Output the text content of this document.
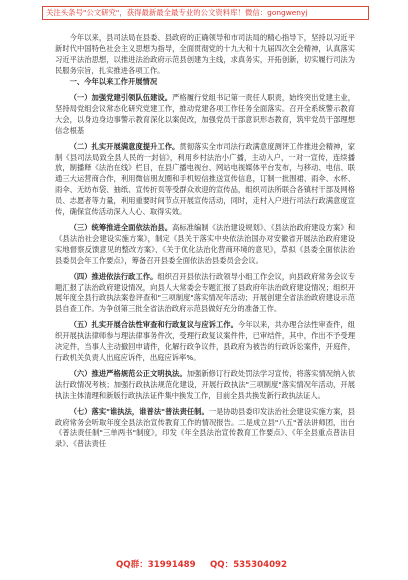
关注头条号"公文研究"，获得最新最全最专业的公文资料库！微信：gongwenyj

今年以来，县司法局在县委、县政府的正确领导和市司法局的精心指导下，坚持以习近平新时代中国特色社会主义思想为指导，全面贯彻党的十九大和十九届四次全会精神，认真落实习近平法治思想，以推进法治政府示范县创建为主线，求真务实，开拓创新，切实履行司法为民服务宗旨，扎实推进各项工作。

一、今年以来工作开展情况

（一）加强党建引领队伍建设。严格履行党组书记第一责任人职责，始终突出党建主业，坚持局党组会议常态化研究党建工作，推动党建各项工作任务全面落实。召开全系统警示教育大会，以身边身边事警示教育深化以案促改，加强党员干部意识形态教育，筑牢党员干部理想信念根基

（二）扎实开展满意度提升工作。贯彻落实全市司法行政满意度测评工作推进会精神，家制《县司法局致全县人民的一封信》，利用乡村法治小广播，主动入户，一对一宣传，连续播放，制播释《法治在线》栏目，在县广播电视台、网站电视媒体平台发布，与移动、电信、联通三大运营商合作，利用微信朋友圈和手机短信推送宣传信息，订制一批围裙、雨伞、水杯、雨伞、无纺布袋、抽纸、宣传折页等受群众欢迎的宣传品，组织司法所联合各镇村干部及网格员、志愿者等力量，利用重要时间节点开展宣传活动，同时，走村入户进行司法行政满意度宣传，确保宣传活动深入人心、取得实效。

（三）统筹推进全面依法治县。高标准编制《法治建设规划》、《县法治政府建设方案》和《县法治社会建设实施方案》，制定《县关于落实中央依法治国办对安徽省开展法治政府建设实地督察反馈意见的整改方案》、《关于优化法治化营商环境的意见》，草拟《县委全面依法治县委员会年工作要点》，筹备召开县委全面依法治县委员会会议。

（四）推进依法行政工作。组织召开县依法行政领导小组工作会议，向县政府常务会议专题汇报了法治政府建设情况，向县人大常委会专题汇报了县政府年法治政府建设情况；组织开展年度全县行政执法案卷评查和"三项制度"落实情况年活动；开展创建全省法治政府建设示范县自查工作。为争创第三批全省法治政府示范县做好充分的准备工作。

（五）扎实开展合法性审查和行政复议与应诉工作。今年以来，共办理合法性审查件，组织开展执法律师参与理法律事务件次，受理行政复议案件件，已审结件，其中，作出不予受理决定件，当事人主动撤回申请件，化解行政争议件，县政府为被告的行政诉讼案件，开庭件，行政机关负责人出庭应诉件，出庭应诉率%。

（六）推进严格规范公正文明执法。加强新修订行政处罚法学习宣传，将落实情况纳入依法行政情况考核；加强行政执法规范化建设，开展行政执法"三项制度"落实情况年活动，开展执法主体清理和新版行政执法证件集中换发工作，目前全县共换发新行政执法证人。

（七）落实"谁执法，谁普法"普法责任制。一是协助县委印发法治社会建设实施方案，县政府常务会听取年度全县法治宣传教育工作的情况报告。二是成立县"八五"普法讲师团，出台《普法责任制"三单两书"制度》，印发《年全县法治宣传教育工作要点》、《年全县重点普法目录》、《普法责任

QQ群：31991489 QQ：535304092
